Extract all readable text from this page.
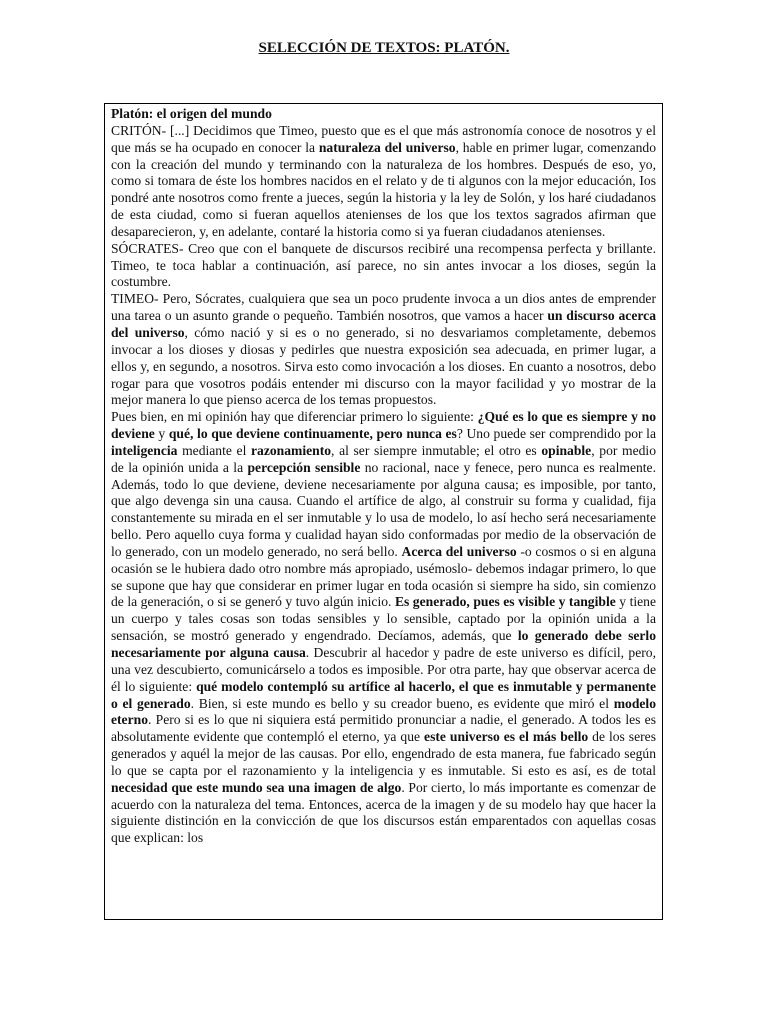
SELECCIÓN DE TEXTOS: PLATÓN.

Platón: el origen del mundo

CRITÓN- [...] Decidimos que Timeo, puesto que es el que más astronomía conoce de nosotros y el que más se ha ocupado en conocer la naturaleza del universo, hable en primer lugar, comenzando con la creación del mundo y terminando con la naturaleza de los hombres. Después de eso, yo, como si tomara de éste los hombres nacidos en el relato y de ti algunos con la mejor educación, Ios pondré ante nosotros como frente a jueces, según la historia y la ley de Solón, y los haré ciudadanos de esta ciudad, como si fueran aquellos atenienses de los que los textos sagrados afirman que desaparecieron, y, en adelante, contaré la historia como si ya fueran ciudadanos atenienses.

SÓCRATES- Creo que con el banquete de discursos recibiré una recompensa perfecta y brillante. Timeo, te toca hablar a continuación, así parece, no sin antes invocar a los dioses, según la costumbre.

TIMEO- Pero, Sócrates, cualquiera que sea un poco prudente invoca a un dios antes de emprender una tarea o un asunto grande o pequeño. También nosotros, que vamos a hacer un discurso acerca del universo, cómo nació y si es o no generado, si no desvariamos completamente, debemos invocar a los dioses y diosas y pedirles que nuestra exposición sea adecuada, en primer lugar, a ellos y, en segundo, a nosotros. Sirva esto como invocación a los dioses. En cuanto a nosotros, debo rogar para que vosotros podáis entender mi discurso con la mayor facilidad y yo mostrar de la mejor manera lo que pienso acerca de los temas propuestos.

Pues bien, en mi opinión hay que diferenciar primero lo siguiente: ¿Qué es lo que es siempre y no deviene y qué, lo que deviene continuamente, pero nunca es? Uno puede ser comprendido por la inteligencia mediante el razonamiento, al ser siempre inmutable; el otro es opinable, por medio de la opinión unida a la percepción sensible no racional, nace y fenece, pero nunca es realmente. Además, todo lo que deviene, deviene necesariamente por alguna causa; es imposible, por tanto, que algo devenga sin una causa. Cuando el artífice de algo, al construir su forma y cualidad, fija constantemente su mirada en el ser inmutable y lo usa de modelo, lo así hecho será necesariamente bello. Pero aquello cuya forma y cualidad hayan sido conformadas por medio de la observación de lo generado, con un modelo generado, no será bello. Acerca del universo -o cosmos o si en alguna ocasión se le hubiera dado otro nombre más apropiado, usémoslo- debemos indagar primero, lo que se supone que hay que considerar en primer lugar en toda ocasión si siempre ha sido, sin comienzo de la generación, o si se generó y tuvo algún inicio. Es generado, pues es visible y tangible y tiene un cuerpo y tales cosas son todas sensibles y lo sensible, captado por la opinión unida a la sensación, se mostró generado y engendrado. Decíamos, además, que lo generado debe serlo necesariamente por alguna causa. Descubrir al hacedor y padre de este universo es difícil, pero, una vez descubierto, comunicárselo a todos es imposible. Por otra parte, hay que observar acerca de él lo siguiente: qué modelo contempló su artífice al hacerlo, el que es inmutable y permanente o el generado. Bien, si este mundo es bello y su creador bueno, es evidente que miró el modelo eterno. Pero si es lo que ni siquiera está permitido pronunciar a nadie, el generado. A todos les es absolutamente evidente que contempló el eterno, ya que este universo es el más bello de los seres generados y aquél la mejor de las causas. Por ello, engendrado de esta manera, fue fabricado según lo que se capta por el razonamiento y la inteligencia y es inmutable. Si esto es así, es de total necesidad que este mundo sea una imagen de algo. Por cierto, lo más importante es comenzar de acuerdo con la naturaleza del tema. Entonces, acerca de la imagen y de su modelo hay que hacer la siguiente distinción en la convicción de que los discursos están emparentados con aquellas cosas que explican: los
